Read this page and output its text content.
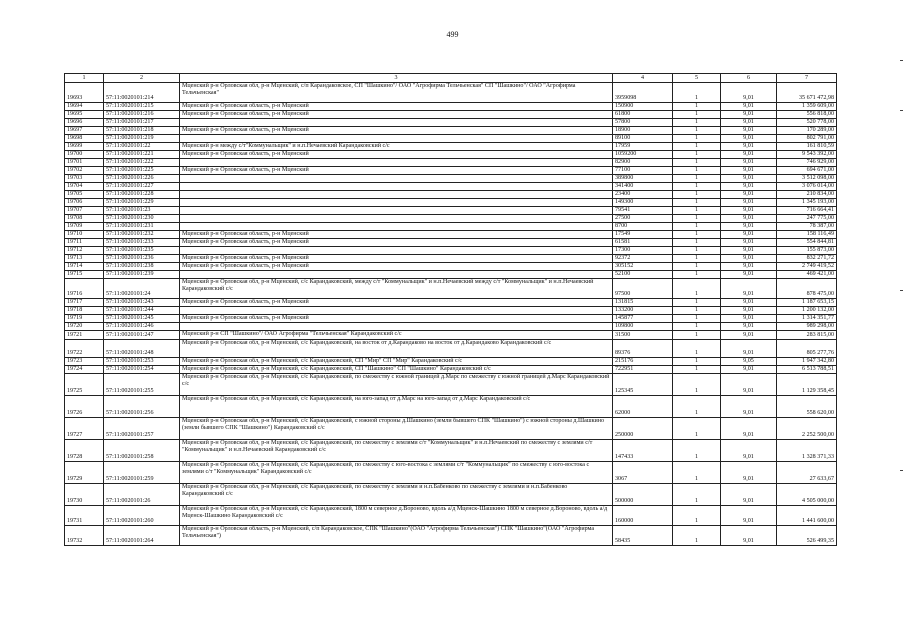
499
1	2	3	4	5	6	7
19693	57:11:0020101:214	Мценский р-н Орловская обл, р-н Мценский, с/п Карандаковское, СП "Шашкино"/ ОАО "Агрофирма Тельчьенская" СП "Шашкино"/ ОАО "Агрофирма Тельчьенская"	3959098	1	9,01	35 671 472,98
19694	57:11:0020101:215	Мценский р-н Орловская область, р-н Мценский	150900	1	9,01	1 359 609,00
19695	57:11:0020101:216	Мценский р-н Орловская область, р-н Мценский	61800	1	9,01	556 818,00
19696	57:11:0020101:217		57800	1	9,01	520 778,00
19697	57:11:0020101:218	Мценский р-н Орловская область, р-н Мценский	18900	1	9,01	170 289,00
19698	57:11:0020101:219		89100	1	9,01	802 791,00
19699	57:11:0020101:22	Мценский р-н между с/т"Коммунальщик" и н.п.Нечаевский Карандаковский с/с	17959	1	9,01	161 810,59
19700	57:11:0020101:221	Мценский р-н Орловская область, р-н Мценский	1059200	1	9,01	9 543 392,00
19701	57:11:0020101:222		82900	1	9,01	746 929,00
19702	57:11:0020101:225	Мценский р-н Орловская область, р-н Мценский	77100	1	9,01	694 671,00
19703	57:11:0020101:226		389800	1	9,01	3 512 098,00
19704	57:11:0020101:227		341400	1	9,01	3 076 014,00
19705	57:11:0020101:228		23400	1	9,01	210 834,00
19706	57:11:0020101:229		149300	1	9,01	1 345 193,00
19707	57:11:0020101:23		79541	1	9,01	716 664,41
19708	57:11:0020101:230		27500	1	9,01	247 775,00
19709	57:11:0020101:231		8700	1	9,01	78 387,00
19710	57:11:0020101:232	Мценский р-н Орловская область, р-н Мценский	17549	1	9,01	158 116,49
19711	57:11:0020101:233	Мценский р-н Орловская область, р-н Мценский	61581	1	9,01	554 844,81
19712	57:11:0020101:235		17300	1	9,01	155 873,00
19713	57:11:0020101:236	Мценский р-н Орловская область, р-н Мценский	92372	1	9,01	832 271,72
19714	57:11:0020101:238	Мценский р-н Орловская область, р-н Мценский	305152	1	9,01	2 749 419,52
19715	57:11:0020101:239		52100	1	9,01	469 421,00
19716	57:11:0020101:24	Мценский р-н Орловская обл, р-н Мценский, с/с Карандаковский, между с/т "Коммунальщик" и н.п.Нечаевский между с/т "Коммунальщик" и н.п.Нечаевский Карандаковский с/с	97500	1	9,01	878 475,00
19717	57:11:0020101:243	Мценский р-н Орловская область, р-н Мценский	131815	1	9,01	1 187 653,15
19718	57:11:0020101:244		133200	1	9,01	1 200 132,00
19719	57:11:0020101:245	Мценский р-н Орловская область, р-н Мценский	145877	1	9,01	1 314 351,77
19720	57:11:0020101:246		109800	1	9,01	989 298,00
19721	57:11:0020101:247	Мценский р-н СП "Шашкино"/ ОАО Агрофирма "Тельчьенская" Карандаковский с/с	31500	1	9,01	283 815,00
19722	57:11:0020101:248	Мценский р-н Орловская обл, р-н Мценский, с/с Карандаковский, на восток от д.Карандаково на восток от д.Карандаково Карандаковский с/с	89376	1	9,01	805 277,76
19723	57:11:0020101:253	Мценский р-н Орловская обл, р-н Мценский, с/с Карандаковский, СП "Мир" СП "Мир" Карандаковский с/с	215176	1	9,05	1 947 342,80
19724	57:11:0020101:254	Мценский р-н Орловская обл, р-н Мценский, с/с Карандаковский, СП "Шашкино" СП "Шашкино" Карандаковский с/с	722951	1	9,01	6 513 788,51
19725	57:11:0020101:255	Мценский р-н Орловская обл, р-н Мценский, с/с Карандаковский, по смежеству с южной границей д.Марс по смежеству с южной границей д.Марс Карандаковский с/с	125345	1	9,01	1 129 358,45
19726	57:11:0020101:256	Мценский р-н Орловская обл, р-н Мценский, с/с Карандаковский, на юго-запад от д.Марс на юго-запад от д.Марс Карандаковский с/с	62000	1	9,01	558 620,00
19727	57:11:0020101:257	Мценский р-н Орловская обл, р-н Мценский, с/с Карандаковский, с южной стороны д.Шашкино (земли бывшего СПК "Шашкино") с южной стороны д.Шашкино (земли бывшего СПК "Шашкино") Карандаковский с/с	250000	1	9,01	2 252 500,00
19728	57:11:0020101:258	Мценский р-н Орловская обл, р-н Мценский, с/с Карандаковский, по смежеству с землями с/т "Коммунальщик" и н.п.Нечаевский по смежеству с землями с/т "Коммунальщик" и н.п.Нечаевский Карандаковский с/с	147433	1	9,01	1 328 371,33
19729	57:11:0020101:259	Мценский р-н Орловская обл, р-н Мценский, с/с Карандаковский, по смежеству с юго-востока с землями с/т "Коммунальщик" по смежеству с юго-востока с землями с/т "Коммунальщик" Карандаковский с/с	3067	1	9,01	27 633,67
19730	57:11:0020101:26	Мценский р-н Орловская обл, р-н Мценский, с/с Карандаковский, по смежеству с землями и н.п.Бабенково по смежеству с землями и н.п.Бабенково Карандаковский с/с	500000	1	9,01	4 505 000,00
19731	57:11:0020101:260	Мценский р-н Орловская обл, р-н Мценский, с/с Карандаковский, 1800 м северное д.Вороново, вдоль а/д Мценск-Шашкино 1800 м северное д.Вороново, вдоль а/д Мценск-Шашкино Карандаковский с/с	160000	1	9,01	1 441 600,00
19732	57:11:0020101:264	Мценский р-н Орловская область, р-н Мценский, с/п Карандаковское, СПК "Шашкино"(ОАО "Агрофирма Тельчьенская") СПК "Шашкино"(ОАО "Агрофирма Тельчьенская")	58435	1	9,01	526 499,35
